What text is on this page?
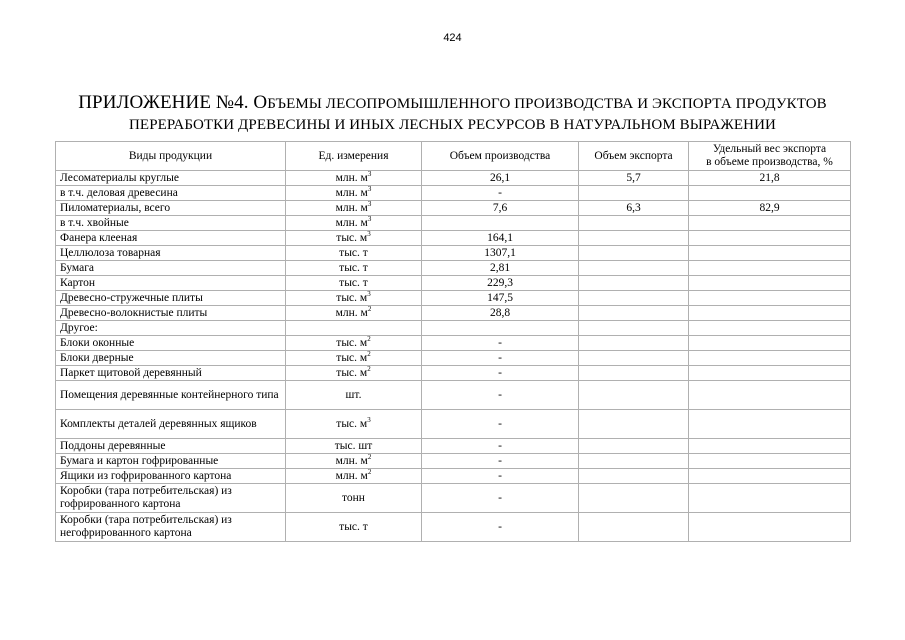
424
ПРИЛОЖЕНИЕ №4. ОБЪЕМЫ ЛЕСОПРОМЫШЛЕННОГО ПРОИЗВОДСТВА И ЭКСПОРТА ПРОДУКТОВ
ПЕРЕРАБОТКИ ДРЕВЕСИНЫ И ИНЫХ ЛЕСНЫХ РЕСУРСОВ В НАТУРАЛЬНОМ ВЫРАЖЕНИИ
Виды продукции	Ед. измерения	Объем производства	Объем экспорта	Удельный вес экспорта
в объеме производства, %

Лесоматериалы круглые	млн. $м^3$	26,1	5,7	21,8
в т.ч. деловая древесина	млн. $м^3$	-		
Пиломатериалы, всего	млн. $м^3$	7,6	6,3	82,9
в т.ч. хвойные	млн. $м^3$			
Фанера клееная	тыс. $м^3$	164,1		
Целлюлоза товарная	тыс. т	1307,1		
Бумага	тыс. т	2,81		
Картон	тыс. т	229,3		
Древесно-стружечные плиты	тыс. $м^3$	147,5		
Древесно-волокнистые плиты	млн. $м^2$	28,8		
Другое:				
Блоки оконные	тыс. $м^2$	-		
Блоки дверные	тыс. $м^2$	-		
Паркет щитовой деревянный	тыс. $м^2$	-		
Помещения деревянные контейнерного типа	шт.	-		
Комплекты деталей деревянных ящиков	тыс. $м^3$	-		
Поддоны деревянные	тыс. шт	-		
Бумага и картон гофрированные	млн. $м^2$	-		
Ящики из гофрированного картона	млн. $м^2$	-		
Коробки (тара потребительская) из гофрированного картона	тонн	-		
Коробки (тара потребительская) из негофрированного картона	тыс. т	-		
